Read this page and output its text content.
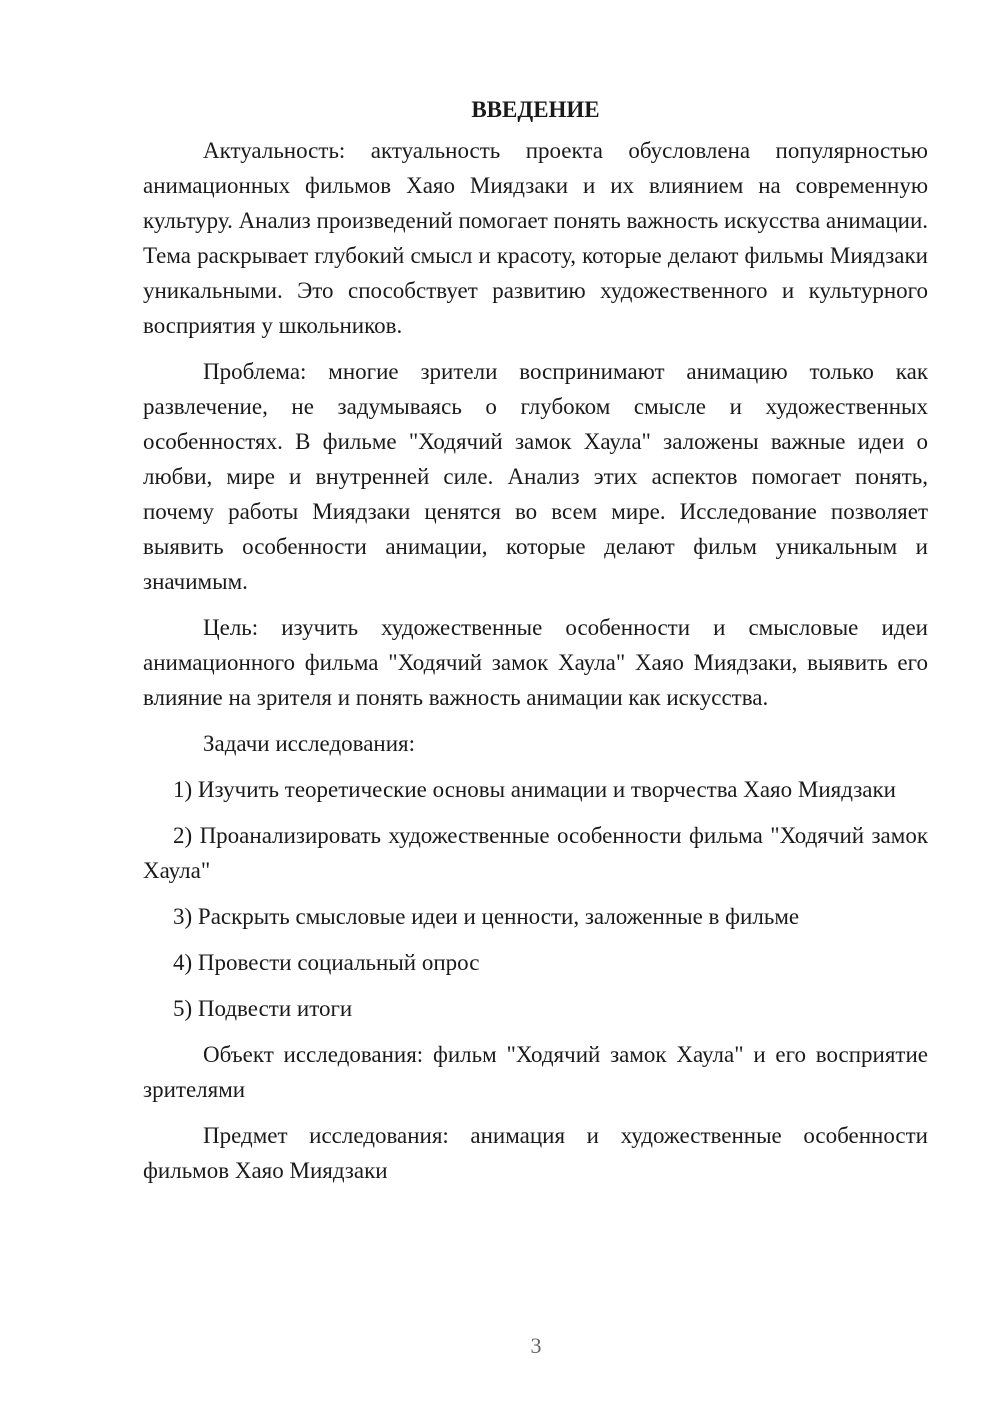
ВВЕДЕНИЕ

Актуальность: актуальность проекта обусловлена популярностью анимационных фильмов Хаяо Миядзаки и их влиянием на современную культуру. Анализ произведений помогает понять важность искусства анимации. Тема раскрывает глубокий смысл и красоту, которые делают фильмы Миядзаки уникальными. Это способствует развитию художественного и культурного восприятия у школьников.

Проблема: многие зрители воспринимают анимацию только как развлечение, не задумываясь о глубоком смысле и художественных особенностях. В фильме "Ходячий замок Хаула" заложены важные идеи о любви, мире и внутренней силе. Анализ этих аспектов помогает понять, почему работы Миядзаки ценятся во всем мире. Исследование позволяет выявить особенности анимации, которые делают фильм уникальным и значимым.

Цель: изучить художественные особенности и смысловые идеи анимационного фильма "Ходячий замок Хаула" Хаяо Миядзаки, выявить его влияние на зрителя и понять важность анимации как искусства.

Задачи исследования:

1) Изучить теоретические основы анимации и творчества Хаяо Миядзаки

2) Проанализировать художественные особенности фильма "Ходячий замок Хаула"

3) Раскрыть смысловые идеи и ценности, заложенные в фильме

4) Провести социальный опрос

5) Подвести итоги

Объект исследования: фильм "Ходячий замок Хаула" и его восприятие зрителями

Предмет исследования: анимация и художественные особенности фильмов Хаяо Миядзаки

3
